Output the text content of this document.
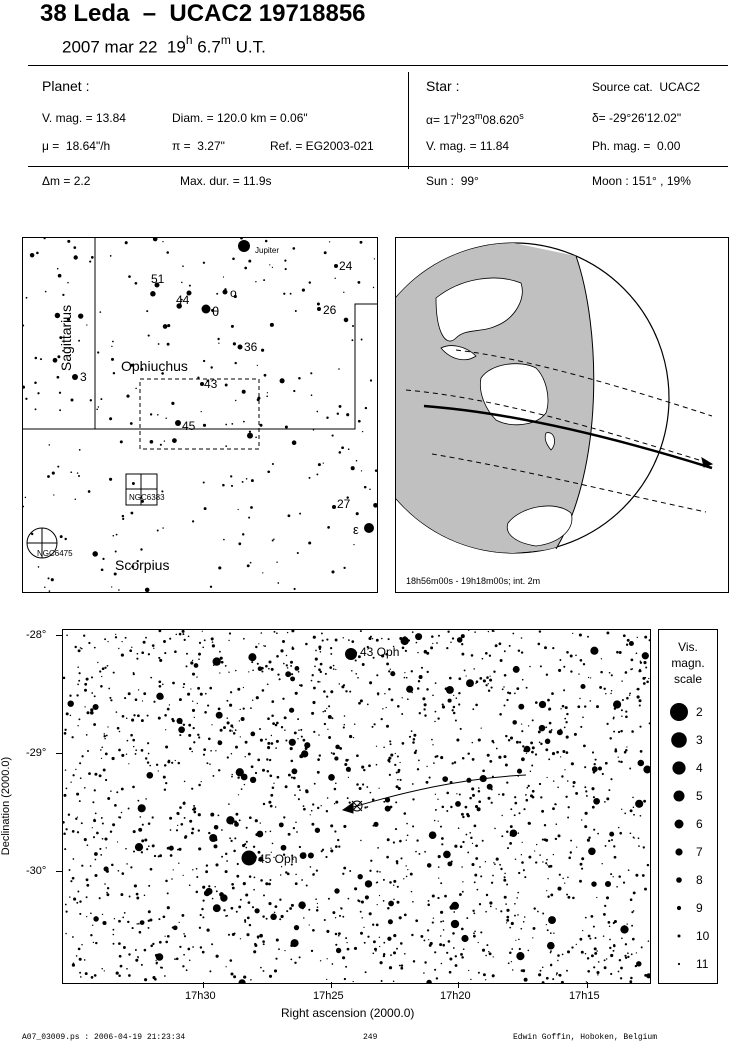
38 Leda  –  UCAC2 19718856
2007 mar 22  19$^h$ 6.7$^m$ U.T.
Planet :
V. mag. = 13.84	Diam. = 120.0 km = 0.06"
μ =  18.64"/h	π =  3.27"	Ref. = EG2003-021
Star :	Source cat.  UCAC2
$\alpha= 17^h23^m08.620^s$	δ= -29°26'12.02"
V. mag. = 11.84	Ph. mag. =  0.00
Δm = 2.2	Max. dur. = 11.9s	Sun :  99°	Moon : 151° , 19%
Jupiter
24
51
44	o
θ	26
36
3
Ophiuchus
43
45
Sagittarius
NGC6383
NGC6475
27
ε
Scorpius
18h56m00s - 19h18m00s; int. 2m
43 Oph
45 Oph
-28°
-29°
-30°
17h30	17h25	17h20	17h15
Right ascension (2000.0)
Declination (2000.0)
Vis.
magn.
scale
2
3
4
5
6
7
8
9
10
11
A07_03009.ps : 2006-04-19 21:23:34	249	Edwin Goffin, Hoboken, Belgium
